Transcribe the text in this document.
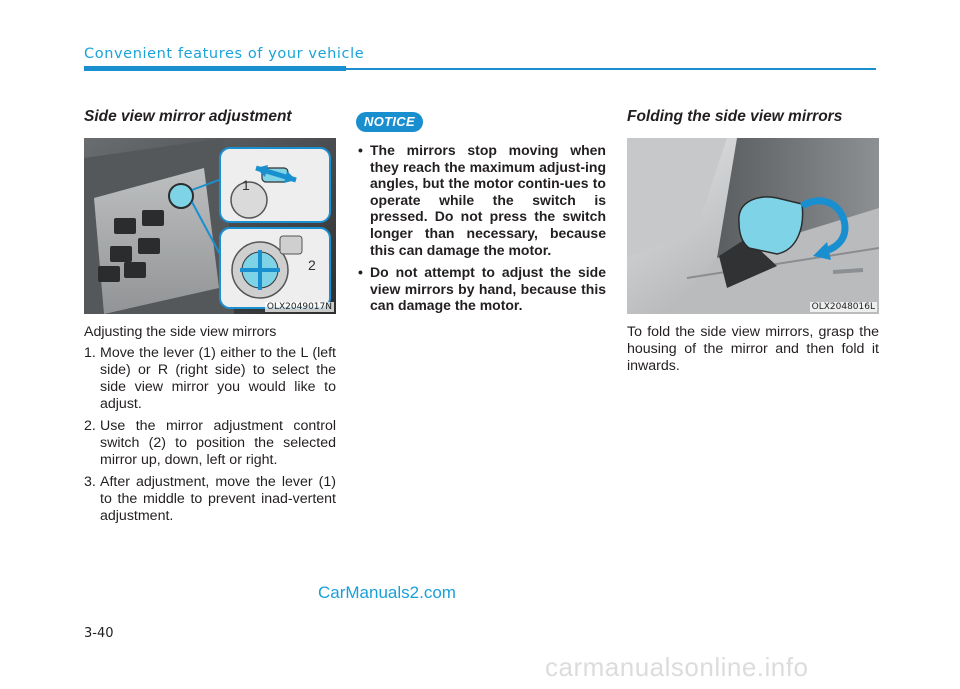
Convenient features of your vehicle
Side view mirror adjustment
1
2
OLX2049017N

Adjusting the side view mirrors

1. Move the lever (1) either to the L (left side) or R (right side) to select the side view mirror you would like to adjust.
2. Use the mirror adjustment control switch (2) to position the selected mirror up, down, left or right.
3. After adjustment, move the lever (1) to the middle to prevent inad-vertent adjustment.
NOTICE
• The mirrors stop moving when they reach the maximum adjust-ing angles, but the motor contin-ues to operate while the switch is pressed. Do not press the switch longer than necessary, because this can damage the motor.
• Do not attempt to adjust the side view mirrors by hand, because this can damage the motor.
Folding the side view mirrors
OLX2048016L

To fold the side view mirrors, grasp the housing of the mirror and then fold it inwards.

3-40
CarManuals2.com
carmanualsonline.info
